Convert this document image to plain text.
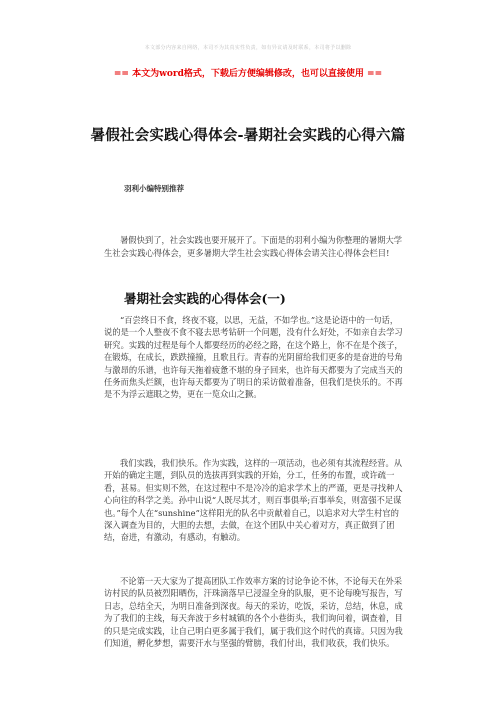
本文部分内容来自网络，本司不为其真实性负责，如有异议请及时联系，本司将予以删除
== 本文为word格式，下载后方便编辑修改，也可以直接使用 ==
暑假社会实践心得体会-暑期社会实践的心得六篇
羽利小编特别推荐

暑假快到了，社会实践也要开展开了。下面是的羽利小编为你整理的暑期大学生社会实践心得体会，更多暑期大学生社会实践心得体会请关注心得体会栏目!

暑期社会实践的心得体会(一)

“百尝终日不食，终夜不寝，以思，无益，不如学也。”这是论语中的一句话，说的是一个人整夜不食不寝去思考钻研一个问题，没有什么好处，不如亲自去学习研究。实践的过程是每个人都要经历的必经之路，在这个路上，你不在是个孩子，在锻炼，在成长，跌跌撞撞，且歌且行。青春的光阴留给我们更多的是奋进的号角与激昂的乐谱，也许每天拖着疲惫不堪的身子回来，也许每天都要为了完成当天的任务而焦头烂额，也许每天都要为了明日的采访做着准备，但我们是快乐的。不再是不为浮云遮眼之势，更在一览众山之獗。

我们实践，我们快乐。作为实践，这样的一项活动，也必须有其流程经营。从开始的确定主题，到队员的选拔再到实践的开始，分工，任务的布置，或许疏一看，甚易。但实则不然，在这过程中不是冷冷的追求学术上的严谨，更是寻找种人心向往的科学之美。孙中山说“人既尽其才，则百事俱举;百事举矣，则富强不足谋也。”每个人在“sunshine”这样阳光的队名中贡献着自己，以追求对大学生村官的深入调查为目的，大胆的去想，去做，在这个团队中关心着对方，真正做到了团结，奋进，有激动，有感动，有触动。

不论第一天大家为了提高团队工作效率方案的讨论争论不休，不论每天在外采访村民的队员被烈阳晒伤，汗珠滴落早已浸湿全身的队服，更不论每晚写报告，写日志，总结全天，为明日准备到深夜。每天的采访，吃饭，采访，总结，休息，成为了我们的主线，每天奔波于乡村城镇的各个小巷街头，我们询问着，调查着，目的只是完成实践，让自己明白更多属于我们，属于我们这个时代的真谛。只因为我们知道，孵化梦想，需要汗水与坚强的臂膀，我们付出，我们收获，我们快乐。
